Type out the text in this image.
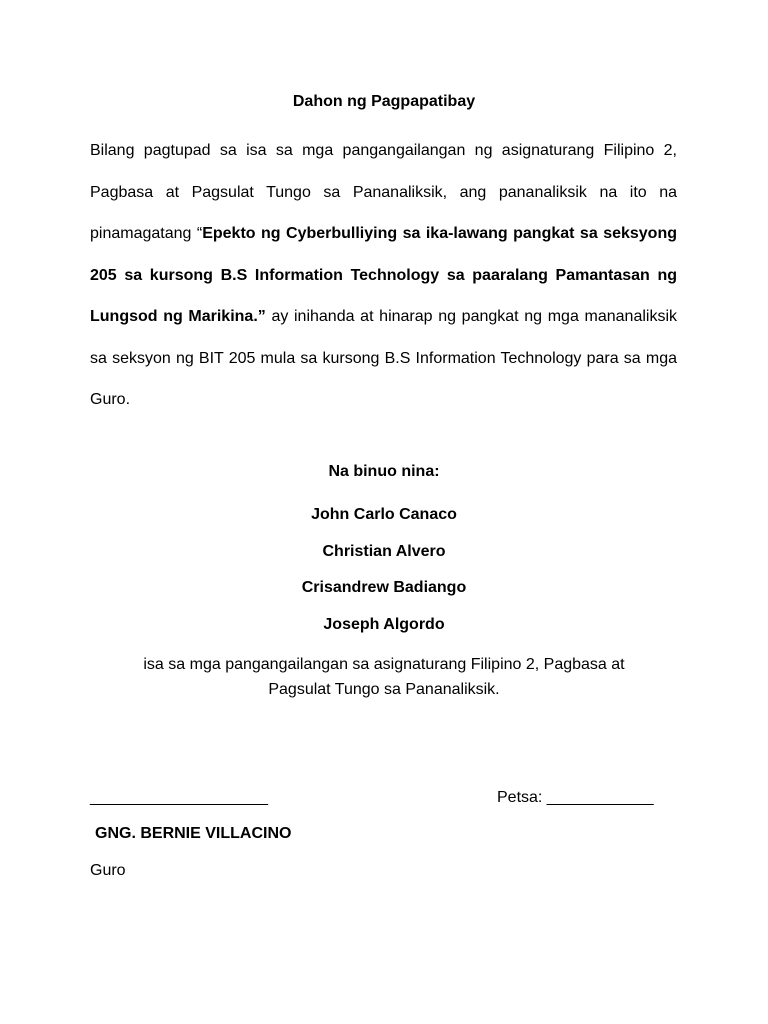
Dahon ng Pagpapatibay

Bilang pagtupad sa isa sa mga pangangailangan ng asignaturang Filipino 2, Pagbasa at Pagsulat Tungo sa Pananaliksik, ang pananaliksik na ito na pinamagatang “Epekto ng Cyberbulliying sa ika-lawang pangkat sa seksyong 205 sa kursong B.S Information Technology sa paaralang Pamantasan ng Lungsod ng Marikina.” ay inihanda at hinarap ng pangkat ng mga mananaliksik sa seksyon ng BIT 205 mula sa kursong B.S Information Technology para sa mga Guro.

Na binuo nina:
John Carlo Canaco
Christian Alvero
Crisandrew Badiango
Joseph Algordo
isa sa mga pangangailangan sa asignaturang Filipino 2, Pagbasa at
Pagsulat Tungo sa Pananaliksik.
____________________	Petsa: ____________
GNG. BERNIE VILLACINO
Guro
